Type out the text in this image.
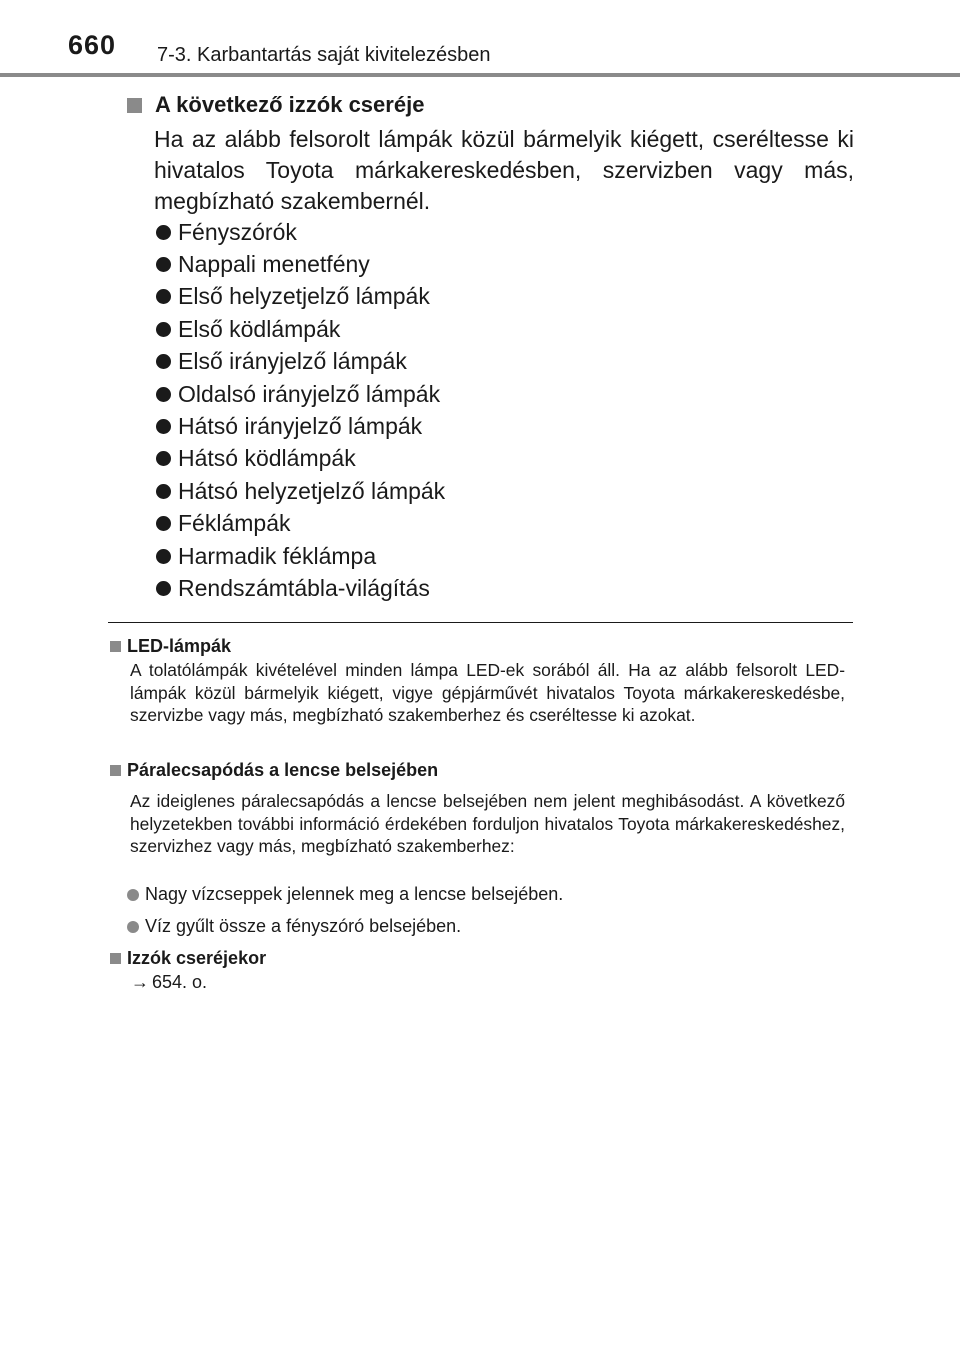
660 7-3. Karbantartás saját kivitelezésben
A következő izzók cseréje

Ha az alább felsorolt lámpák közül bármelyik kiégett, cseréltesse ki hivatalos Toyota márkakereskedésben, szervizben vagy más, megbízható szakembernél.

Fényszórók
Nappali menetfény
Első helyzetjelző lámpák
Első ködlámpák
Első irányjelző lámpák
Oldalsó irányjelző lámpák
Hátsó irányjelző lámpák
Hátsó ködlámpák
Hátsó helyzetjelző lámpák
Féklámpák
Harmadik féklámpa
Rendszámtábla-világítás
LED-lámpák

A tolatólámpák kivételével minden lámpa LED-ek sorából áll. Ha az alább felsorolt LED-lámpák közül bármelyik kiégett, vigye gépjárművét hivatalos Toyota márkakereskedésbe, szervizbe vagy más, megbízható szakemberhez és cseréltesse ki azokat.

Páralecsapódás a lencse belsejében

Az ideiglenes páralecsapódás a lencse belsejében nem jelent meghibásodást. A következő helyzetekben további információ érdekében forduljon hivatalos Toyota márkakereskedéshez, szervizhez vagy más, megbízható szakemberhez:

Nagy vízcseppek jelennek meg a lencse belsejében.
Víz gyűlt össze a fényszóró belsejében.
Izzók cseréjekor
→ 654. o.
